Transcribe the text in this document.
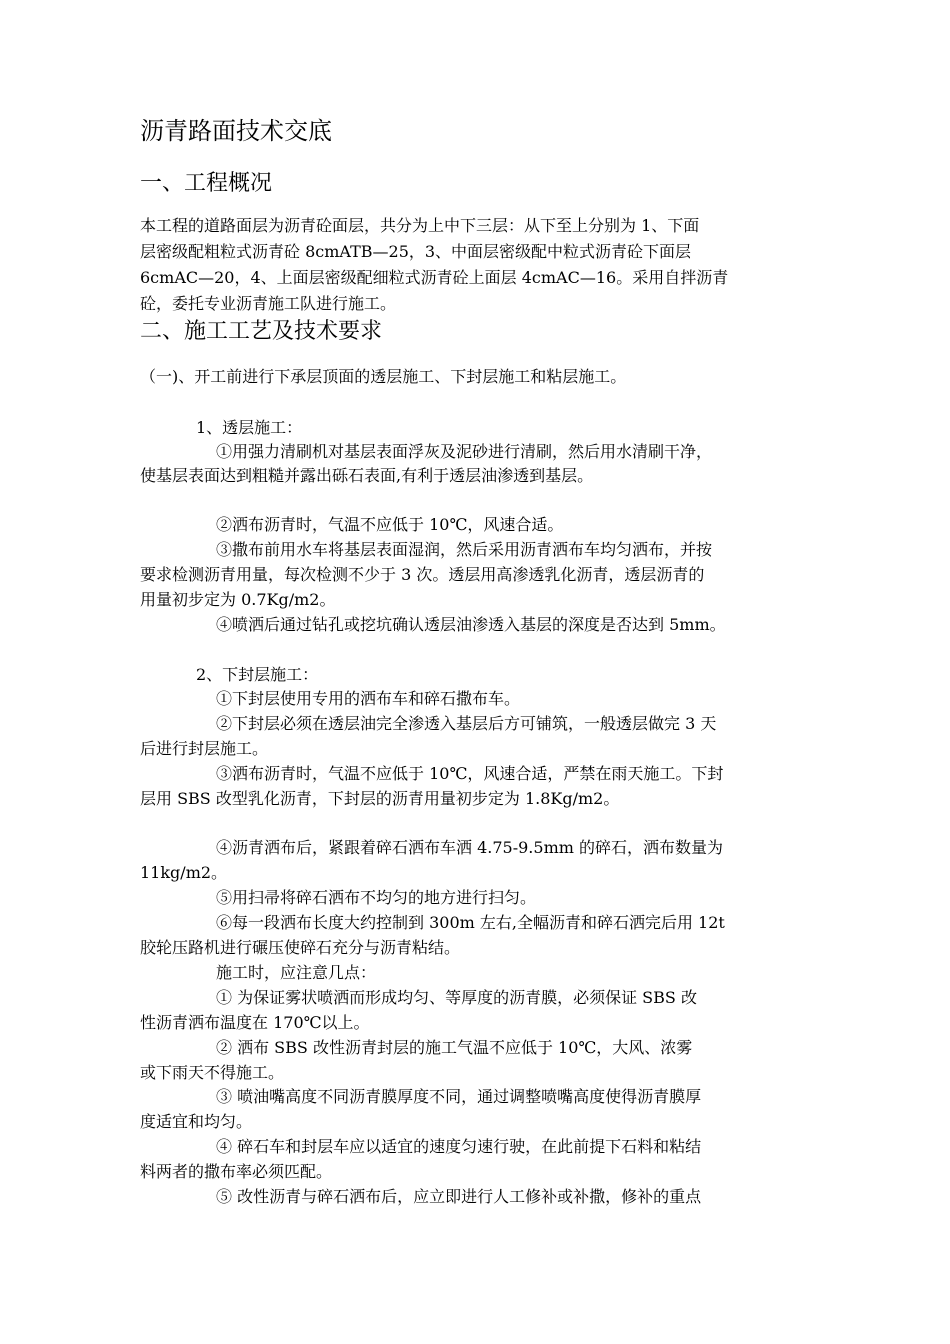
沥青路面技术交底
一、工程概况
本工程的道路面层为沥青砼面层，共分为上中下三层：从下至上分别为 1、下面
层密级配粗粒式沥青砼 8cmATB—25，3、中面层密级配中粒式沥青砼下面层
6cmAC—20，4、上面层密级配细粒式沥青砼上面层 4cmAC—16。采用自拌沥青
砼，委托专业沥青施工队进行施工。
二、施工工艺及技术要求
（一)、开工前进行下承层顶面的透层施工、下封层施工和粘层施工。
1、透层施工：
①用强力清刷机对基层表面浮灰及泥砂进行清刷，然后用水清刷干净，
使基层表面达到粗糙并露出砾石表面,有利于透层油渗透到基层。
②洒布沥青时，气温不应低于 10℃，风速合适。
③撒布前用水车将基层表面湿润，然后采用沥青洒布车均匀洒布，并按
要求检测沥青用量，每次检测不少于 3 次。透层用高渗透乳化沥青，透层沥青的
用量初步定为 0.7Kg/m2。
④喷洒后通过钻孔或挖坑确认透层油渗透入基层的深度是否达到 5mm。
2、下封层施工：
①下封层使用专用的洒布车和碎石撒布车。
②下封层必须在透层油完全渗透入基层后方可铺筑，一般透层做完 3 天
后进行封层施工。
③洒布沥青时，气温不应低于 10℃，风速合适，严禁在雨天施工。下封
层用 SBS 改型乳化沥青，下封层的沥青用量初步定为 1.8Kg/m2。
④沥青洒布后，紧跟着碎石洒布车洒 4.75-9.5mm 的碎石，洒布数量为
11kg/m2。
⑤用扫帚将碎石洒布不均匀的地方进行扫匀。
⑥每一段洒布长度大约控制到 300m 左右,全幅沥青和碎石洒完后用 12t
胶轮压路机进行碾压使碎石充分与沥青粘结。
施工时，应注意几点：
① 为保证雾状喷洒而形成均匀、等厚度的沥青膜，必须保证 SBS 改
性沥青洒布温度在 170℃以上。
② 洒布 SBS 改性沥青封层的施工气温不应低于 10℃，大风、浓雾
或下雨天不得施工。
③ 喷油嘴高度不同沥青膜厚度不同，通过调整喷嘴高度使得沥青膜厚
度适宜和均匀。
④ 碎石车和封层车应以适宜的速度匀速行驶，在此前提下石料和粘结
料两者的撒布率必须匹配。
⑤ 改性沥青与碎石洒布后，应立即进行人工修补或补撒，修补的重点
